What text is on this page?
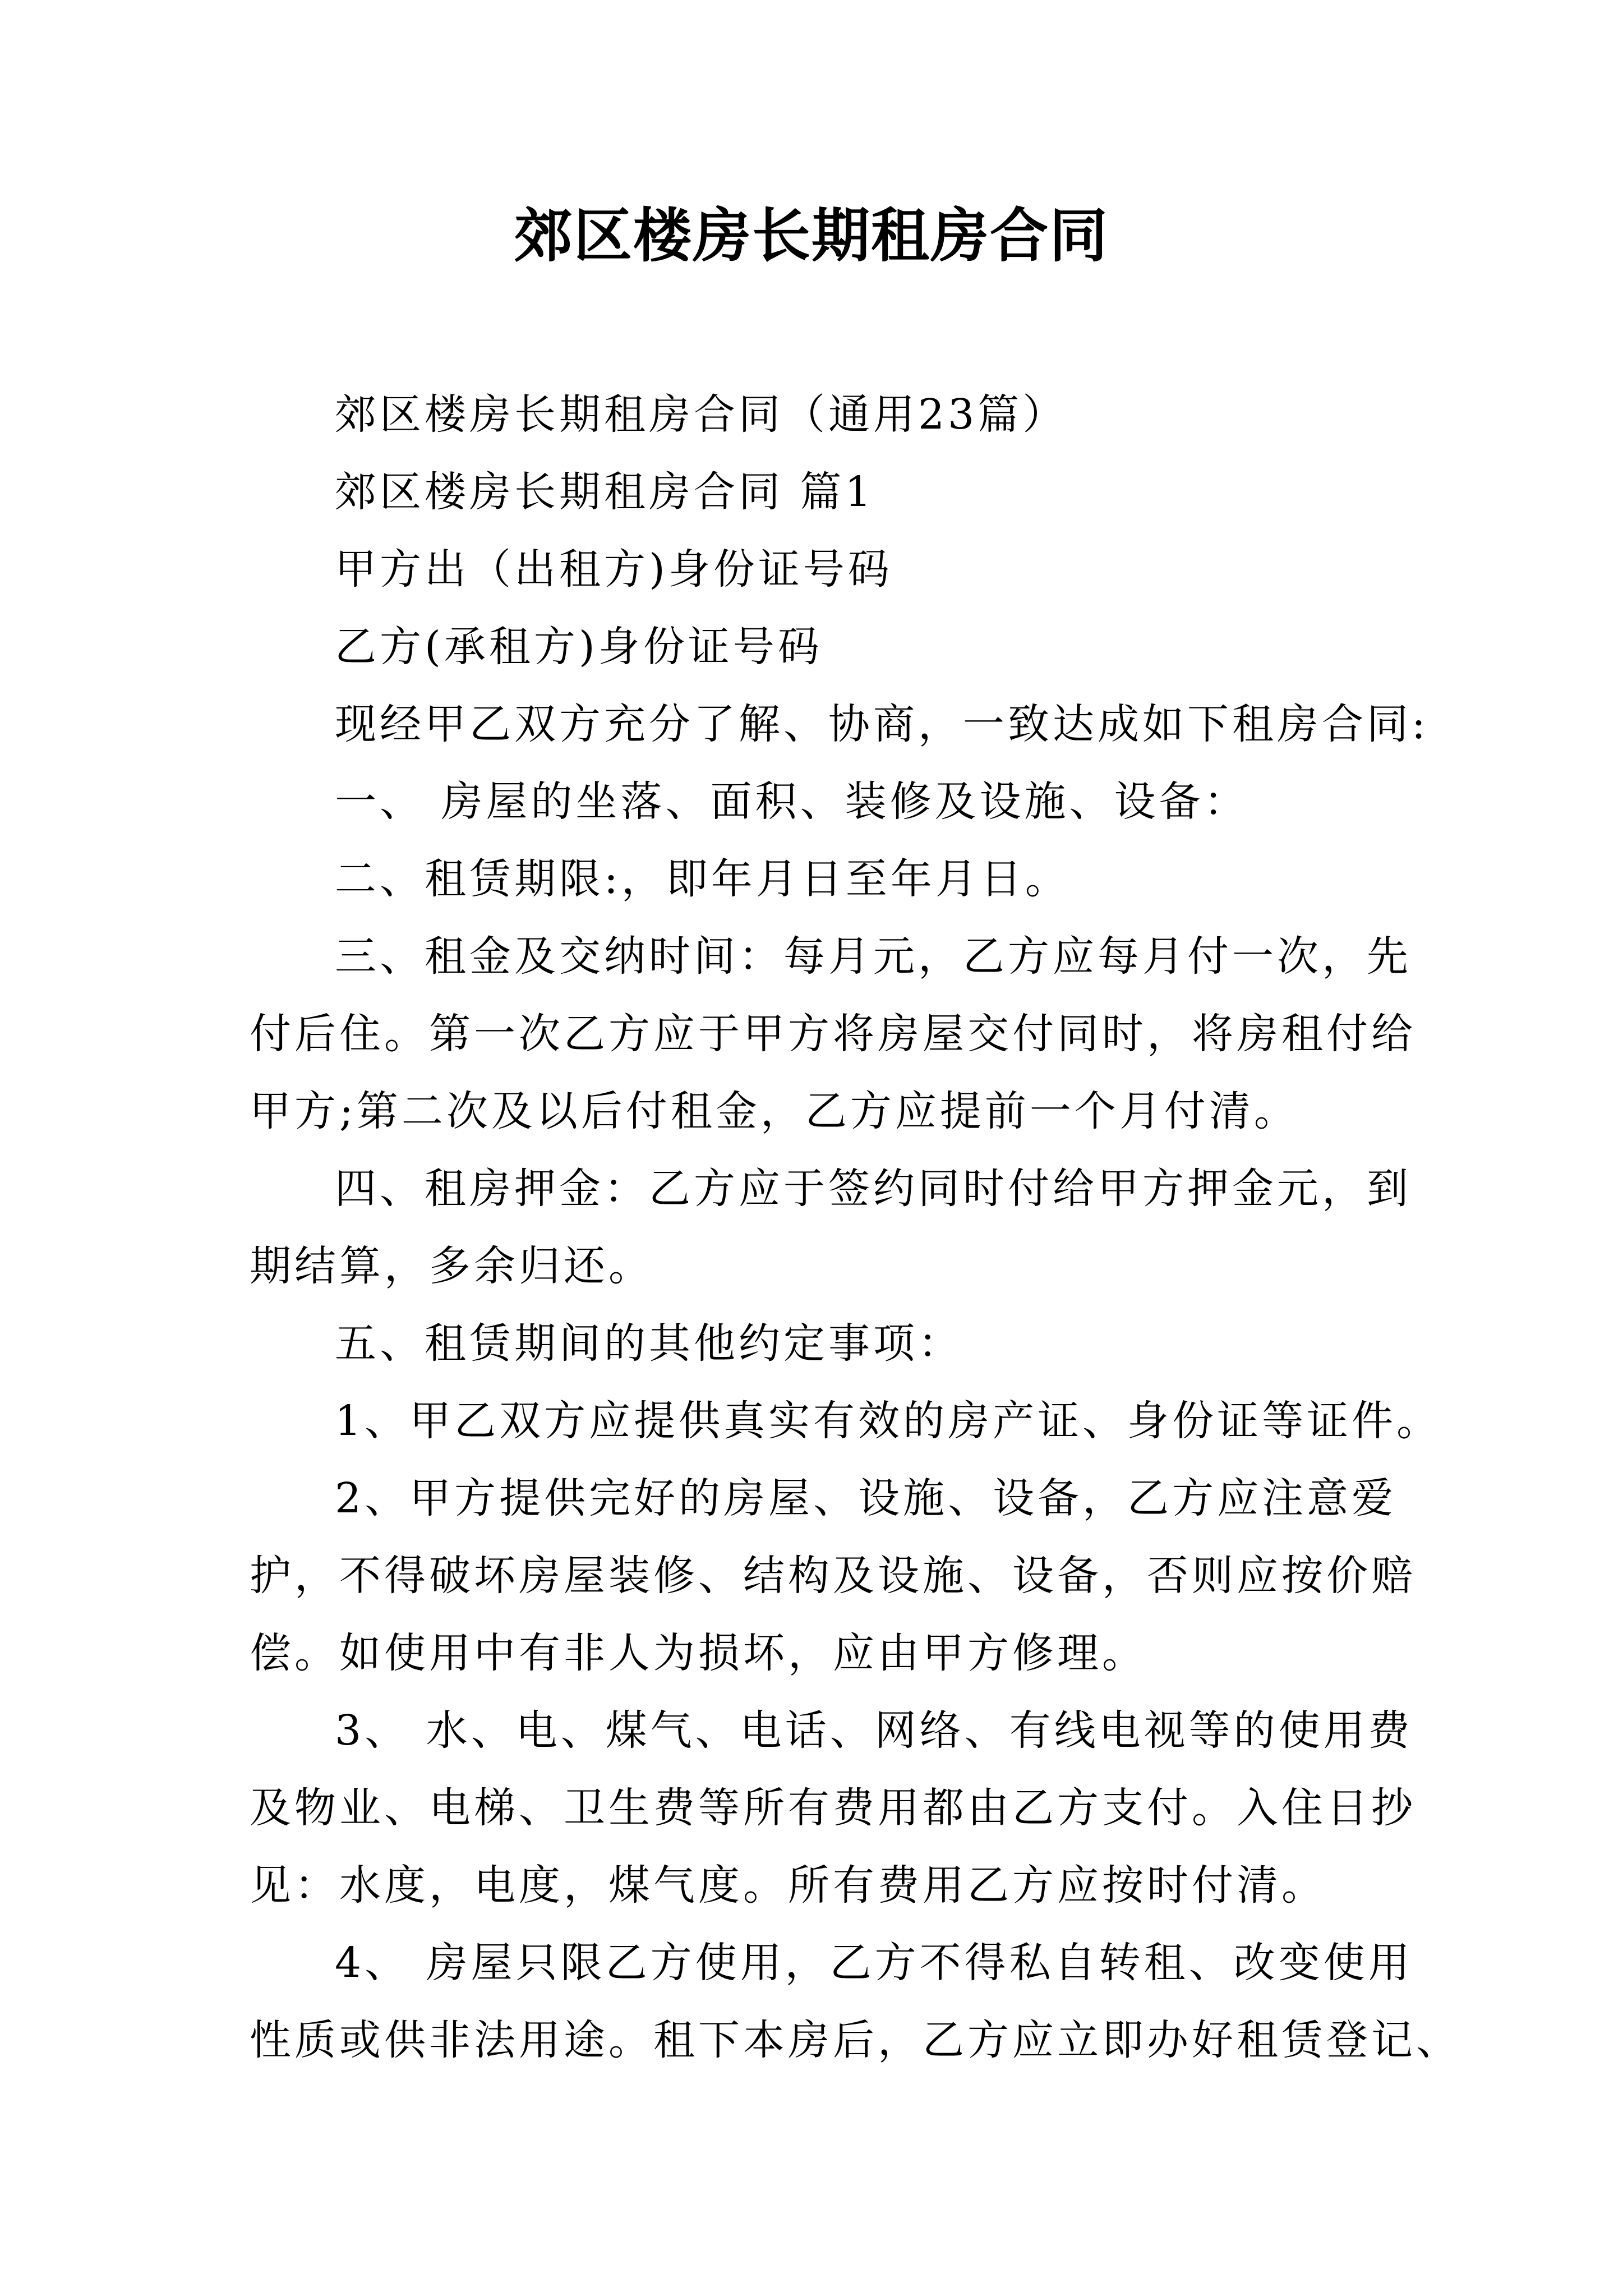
郊区楼房长期租房合同
郊区楼房长期租房合同（通用23篇）
郊区楼房长期租房合同 篇1
甲方出（出租方)身份证号码
乙方(承租方)身份证号码
现经甲乙双方充分了解、协商，一致达成如下租房合同:
一、 房屋的坐落、面积、装修及设施、设备：
二、租赁期限:，即年月日至年月日。
三、租金及交纳时间：每月元，乙方应每月付一次，先
付后住。第一次乙方应于甲方将房屋交付同时，将房租付给
甲方;第二次及以后付租金，乙方应提前一个月付清。
四、租房押金：乙方应于签约同时付给甲方押金元，到
期结算，多余归还。
五、租赁期间的其他约定事项：
1、甲乙双方应提供真实有效的房产证、身份证等证件。
2、甲方提供完好的房屋、设施、设备，乙方应注意爱
护，不得破坏房屋装修、结构及设施、设备，否则应按价赔
偿。如使用中有非人为损坏，应由甲方修理。
3、 水、电、煤气、电话、网络、有线电视等的使用费
及物业、电梯、卫生费等所有费用都由乙方支付。入住日抄
见：水度，电度，煤气度。所有费用乙方应按时付清。
4、 房屋只限乙方使用，乙方不得私自转租、改变使用
性质或供非法用途。租下本房后，乙方应立即办好租赁登记、
